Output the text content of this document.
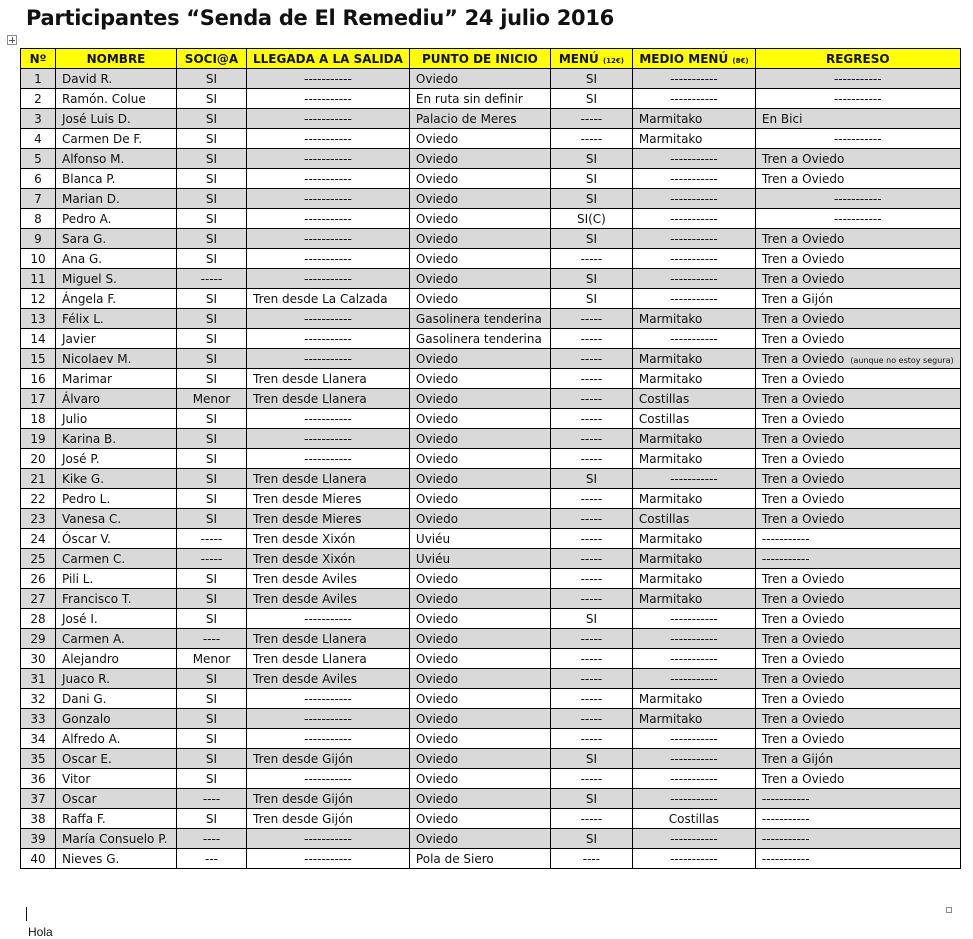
Participantes “Senda de El Remediu” 24 julio 2016
Nº	NOMBRE	SOCI@A	LLEGADA A LA SALIDA	PUNTO DE INICIO	MENÚ (12€)	MEDIO MENÚ (8€)	REGRESO
1	David R.	SI	-----------	Oviedo	SI	-----------	-----------
2	Ramón. Colue	SI	-----------	En ruta sin definir	SI	-----------	-----------
3	José Luis D.	SI	-----------	Palacio de Meres	-----	Marmitako	En Bici
4	Carmen De F.	SI	-----------	Oviedo	-----	Marmitako	-----------
5	Alfonso M.	SI	-----------	Oviedo	SI	-----------	Tren a Oviedo
6	Blanca P.	SI	-----------	Oviedo	SI	-----------	Tren a Oviedo
7	Marian D.	SI	-----------	Oviedo	SI	-----------	-----------
8	Pedro A.	SI	-----------	Oviedo	SI(C)	-----------	-----------
9	Sara G.	SI	-----------	Oviedo	SI	-----------	Tren a Oviedo
10	Ana G.	SI	-----------	Oviedo	-----	-----------	Tren a Oviedo
11	Miguel S.	-----	-----------	Oviedo	SI	-----------	Tren a Oviedo
12	Ángela F.	SI	Tren desde La Calzada	Oviedo	SI	-----------	Tren a Gijón
13	Félix L.	SI	-----------	Gasolinera tenderina	-----	Marmitako	Tren a Oviedo
14	Javier	SI	-----------	Gasolinera tenderina	-----	-----------	Tren a Oviedo
15	Nicolaev M.	SI	-----------	Oviedo	-----	Marmitako	Tren a Oviedo (aunque no estoy segura)
16	Marimar	SI	Tren desde Llanera	Oviedo	-----	Marmitako	Tren a Oviedo
17	Álvaro	Menor	Tren desde Llanera	Oviedo	-----	Costillas	Tren a Oviedo
18	Julio	SI	-----------	Oviedo	-----	Costillas	Tren a Oviedo
19	Karina B.	SI	-----------	Oviedo	-----	Marmitako	Tren a Oviedo
20	José P.	SI	-----------	Oviedo	-----	Marmitako	Tren a Oviedo
21	Kike G.	SI	Tren desde Llanera	Oviedo	SI	-----------	Tren a Oviedo
22	Pedro L.	SI	Tren desde Mieres	Oviedo	-----	Marmitako	Tren a Oviedo
23	Vanesa C.	SI	Tren desde Mieres	Oviedo	-----	Costillas	Tren a Oviedo
24	Óscar V.	-----	Tren desde Xixón	Uviéu	-----	Marmitako	-----------
25	Carmen C.	-----	Tren desde Xixón	Uviéu	-----	Marmitako	-----------
26	Pili L.	SI	Tren desde Aviles	Oviedo	-----	Marmitako	Tren a Oviedo
27	Francisco T.	SI	Tren desde Aviles	Oviedo	-----	Marmitako	Tren a Oviedo
28	José I.	SI	-----------	Oviedo	SI	-----------	Tren a Oviedo
29	Carmen A.	----	Tren desde Llanera	Oviedo	-----	-----------	Tren a Oviedo
30	Alejandro	Menor	Tren desde Llanera	Oviedo	-----	-----------	Tren a Oviedo
31	Juaco R.	SI	Tren desde Aviles	Oviedo	-----	-----------	Tren a Oviedo
32	Dani G.	SI	-----------	Oviedo	-----	Marmitako	Tren a Oviedo
33	Gonzalo	SI	-----------	Oviedo	-----	Marmitako	Tren a Oviedo
34	Alfredo A.	SI	-----------	Oviedo	-----	-----------	Tren a Oviedo
35	Oscar E.	SI	Tren desde Gijón	Oviedo	SI	-----------	Tren a Gijón
36	Vitor	SI	-----------	Oviedo	-----	-----------	Tren a Oviedo
37	Oscar	----	Tren desde Gijón	Oviedo	SI	-----------	-----------
38	Raffa F.	SI	Tren desde Gijón	Oviedo	-----	Costillas	-----------
39	María Consuelo P.	----	-----------	Oviedo	SI	-----------	-----------
40	Nieves G.	---	-----------	Pola de Siero	----	-----------	-----------
Hola
